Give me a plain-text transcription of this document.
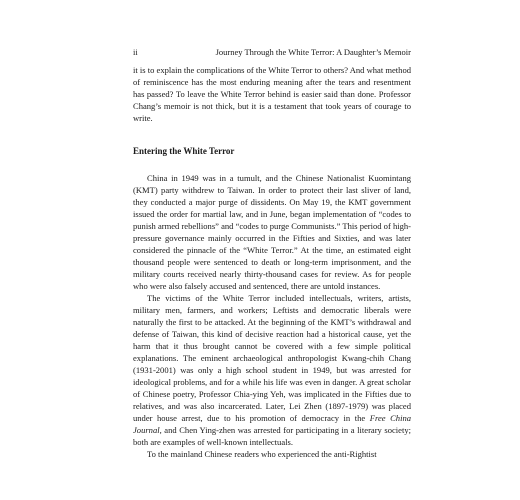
ii	Journey Through the White Terror: A Daughter’s Memoir

it is to explain the complications of the White Terror to others? And what method of reminiscence has the most enduring meaning after the tears and resentment has passed? To leave the White Terror behind is easier said than done. Professor Chang’s memoir is not thick, but it is a testament that took years of courage to write.

Entering the White Terror

China in 1949 was in a tumult, and the Chinese Nationalist Kuomintang (KMT) party withdrew to Taiwan. In order to protect their last sliver of land, they conducted a major purge of dissidents. On May 19, the KMT government issued the order for martial law, and in June, began implementation of “codes to punish armed rebellions” and “codes to purge Communists.” This period of high-pressure governance mainly occurred in the Fifties and Sixties, and was later considered the pinnacle of the “White Terror.” At the time, an estimated eight thousand people were sentenced to death or long-term imprisonment, and the military courts received nearly thirty-thousand cases for review. As for people who were also falsely accused and sentenced, there are untold instances.

The victims of the White Terror included intellectuals, writers, artists, military men, farmers, and workers; Leftists and democratic liberals were naturally the first to be attacked. At the beginning of the KMT’s withdrawal and defense of Taiwan, this kind of decisive reaction had a historical cause, yet the harm that it thus brought cannot be covered with a few simple political explanations. The eminent archaeological anthropologist Kwang-chih Chang (1931-2001) was only a high school student in 1949, but was arrested for ideological problems, and for a while his life was even in danger. A great scholar of Chinese poetry, Professor Chia-ying Yeh, was implicated in the Fifties due to relatives, and was also incarcerated. Later, Lei Zhen (1897-1979) was placed under house arrest, due to his promotion of democracy in the Free China Journal, and Chen Ying-zhen was arrested for participating in a literary society; both are examples of well-known intellectuals.

To the mainland Chinese readers who experienced the anti-Rightist
